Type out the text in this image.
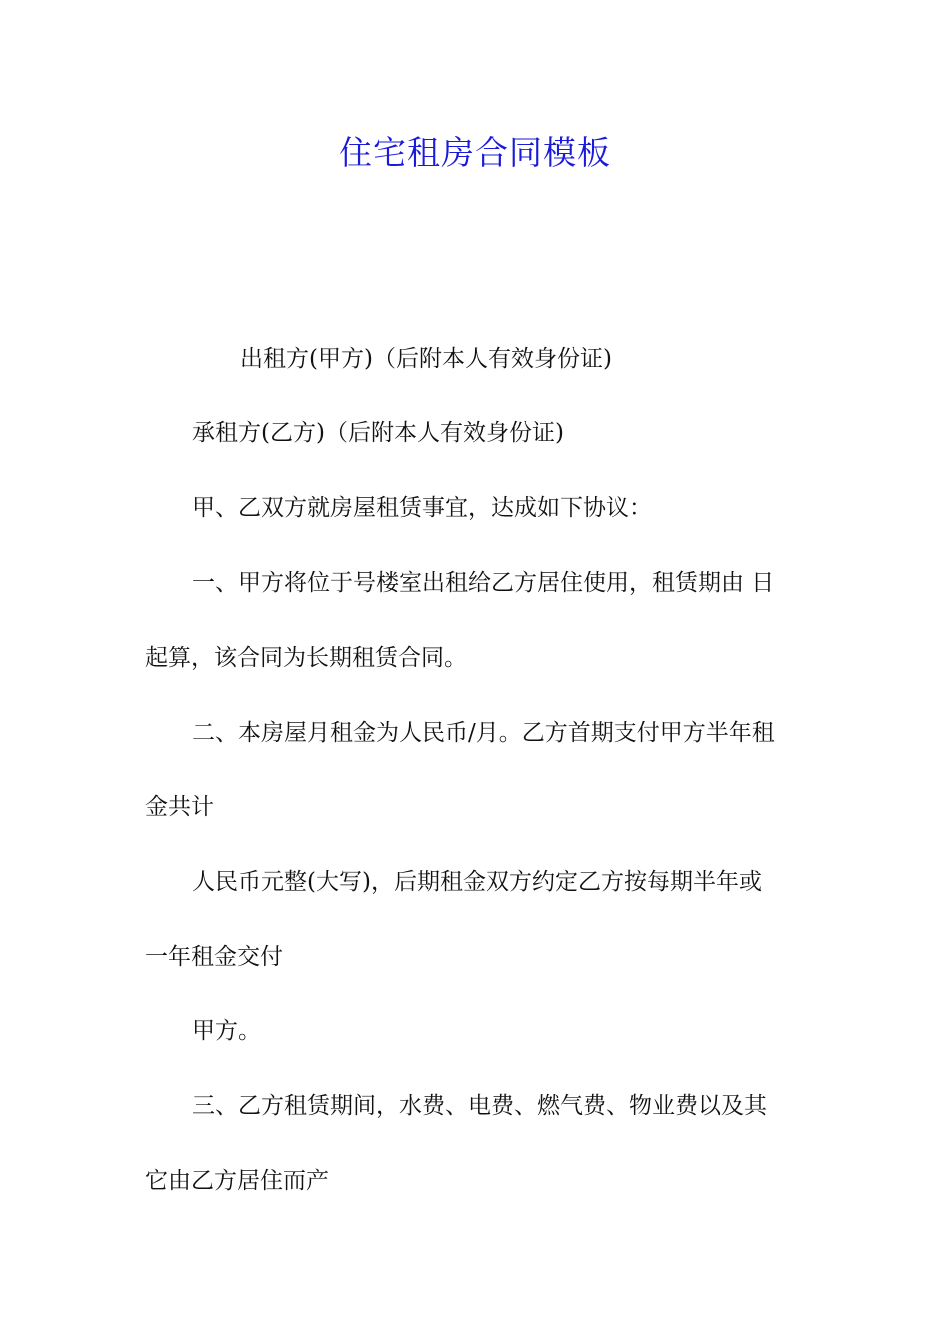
住宅租房合同模板
出租方(甲方)（后附本人有效身份证)
承租方(乙方)（后附本人有效身份证)
甲、乙双方就房屋租赁事宜，达成如下协议：
一、甲方将位于号楼室出租给乙方居住使用，租赁期由 日
起算，该合同为长期租赁合同。
二、本房屋月租金为人民币/月。乙方首期支付甲方半年租
金共计
人民币元整(大写)，后期租金双方约定乙方按每期半年或
一年租金交付
甲方。
三、乙方租赁期间，水费、电费、燃气费、物业费以及其
它由乙方居住而产
